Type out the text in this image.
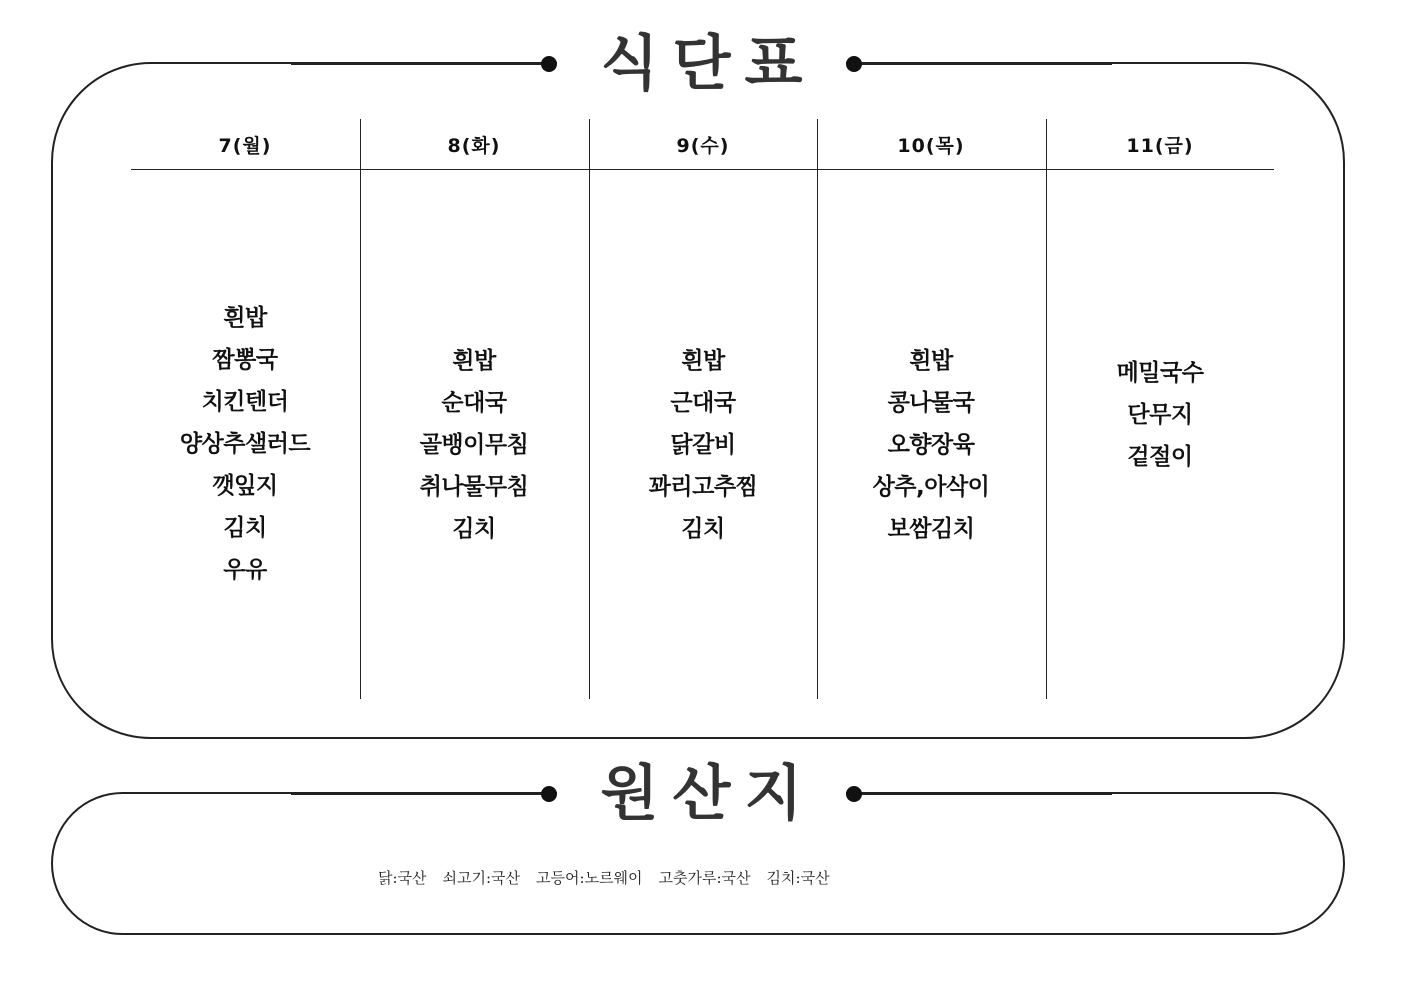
식단표
7(월)
흰밥
짬뽕국
치킨텐더
양상추샐러드
깻잎지
김치
우유
8(화)
흰밥
순대국
골뱅이무침
취나물무침
김치
9(수)
흰밥
근대국
닭갈비
꽈리고추찜
김치
10(목)
흰밥
콩나물국
오향장육
상추,아삭이
보쌈김치
11(금)
메밀국수
단무지
겉절이
원산지
닭:국산 쇠고기:국산 고등어:노르웨이 고춧가루:국산 김치:국산
